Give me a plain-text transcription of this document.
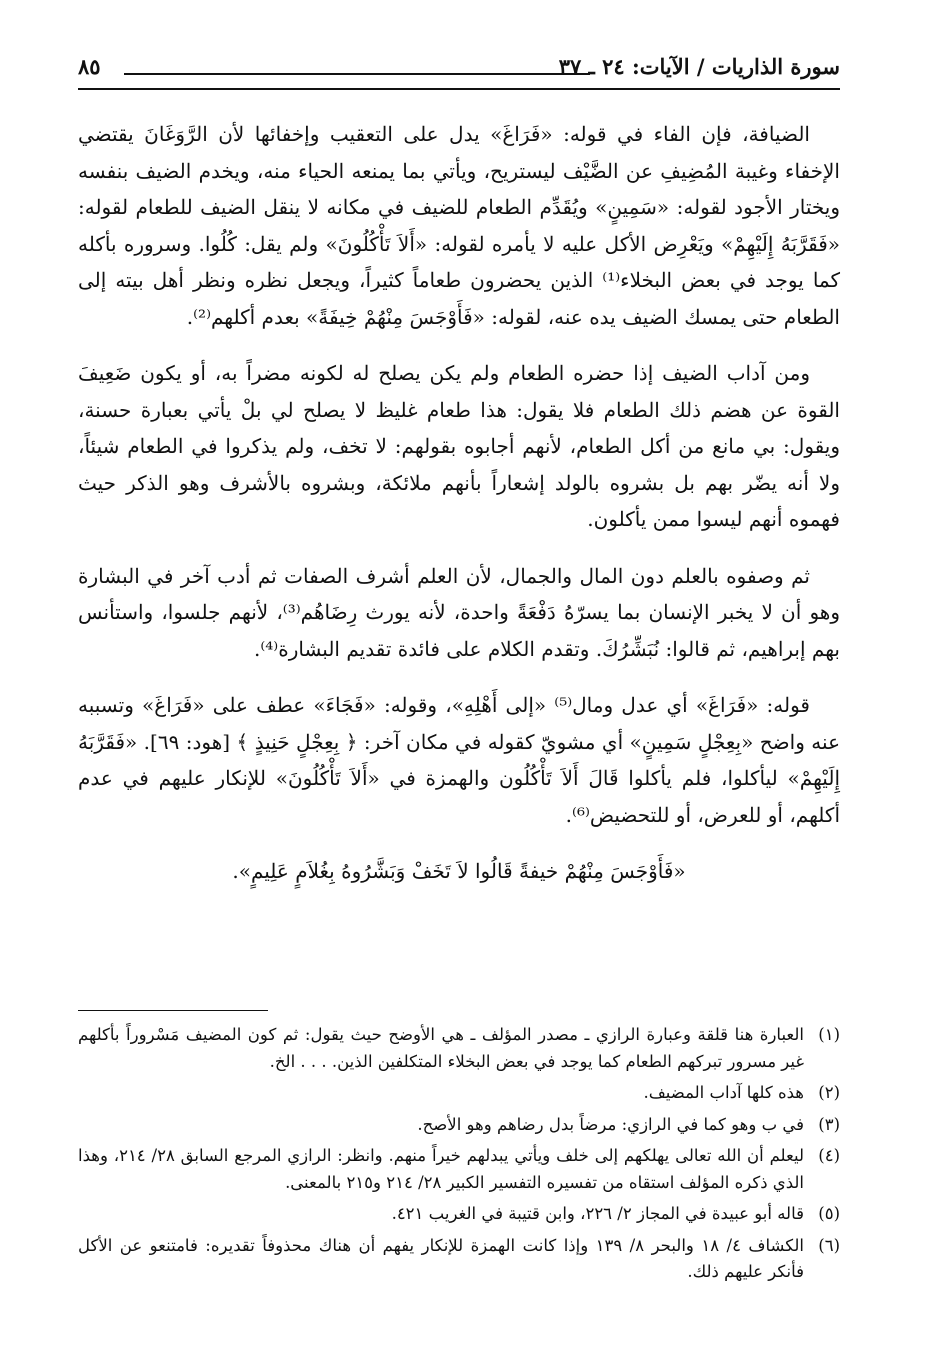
سورة الذاريات / الآيات: ٢٤ ـ ٣٧
٨٥

الضيافة، فإن الفاء في قوله: «فَرَاغَ» يدل على التعقيب وإخفائها لأن الرَّوَغَانَ يقتضي الإخفاء وغيبة المُضِيفِ عن الضَّيْف ليستريح، ويأتي بما يمنعه الحياء منه، ويخدم الضيف بنفسه ويختار الأجود لقوله: «سَمِينٍ» ويُقَدِّم الطعام للضيف في مكانه لا ينقل الضيف للطعام لقوله: «فَقَرَّبَهُ إِلَيْهِمْ» ويَعْرِض الأكل عليه لا يأمره لقوله: «أَلاَ تَأْكُلُونَ» ولم يقل: كُلُوا. وسروره بأكله كما يوجد في بعض البخلاء⁽¹⁾ الذين يحضرون طعاماً كثيراً، ويجعل نظره ونظر أهل بيته إلى الطعام حتى يمسك الضيف يده عنه، لقوله: «فَأَوْجَسَ مِنْهُمْ خِيفَةً» بعدم أكلهم⁽²⁾.

ومن آداب الضيف إذا حضره الطعام ولم يكن يصلح له لكونه مضراً به، أو يكون ضَعِيفَ القوة عن هضم ذلك الطعام فلا يقول: هذا طعام غليظ لا يصلح لي بلْ يأتي بعبارة حسنة، ويقول: بي مانع من أكل الطعام، لأنهم أجابوه بقولهم: لا تخف، ولم يذكروا في الطعام شيئاً، ولا أنه يضّر بهم بل بشروه بالولد إشعاراً بأنهم ملائكة، وبشروه بالأشرف وهو الذكر حيث فهموه أنهم ليسوا ممن يأكلون.

ثم وصفوه بالعلم دون المال والجمال، لأن العلم أشرف الصفات ثم أدب آخر في البشارة وهو أن لا يخبر الإنسان بما يسرّهُ دَفْعَةً واحدة، لأنه يورث رِضَاهُم⁽³⁾، لأنهم جلسوا، واستأنس بهم إبراهيم، ثم قالوا: نُبَشِّرُكَ. وتقدم الكلام على فائدة تقديم البشارة⁽⁴⁾.

قوله: «فَرَاغَ» أي عدل ومال⁽⁵⁾ «إلى أَهْلِهِ»، وقوله: «فَجَاءَ» عطف على «فَرَاغَ» وتسببه عنه واضح «بِعِجْلٍ سَمِينٍ» أي مشويّ كقوله في مكان آخر: ﴿ بِعِجْلٍ حَنِيذٍ ﴾ [هود: ٦٩]. «فَقَرَّبَهُ إِلَيْهِمْ» ليأكلوا، فلم يأكلوا قَالَ أَلاَ تَأْكُلُون والهمزة في «أَلاَ تَأْكُلُونَ» للإنكار عليهم في عدم أكلهم، أو للعرض، أو للتحضيض⁽⁶⁾.

«فَأَوْجَسَ مِنْهُمْ خيفةً قَالُوا لاَ تَخَفْ وَبَشَّرُوهُ بِغُلاَمٍ عَلِيمٍ».

(١)
العبارة هنا قلقة وعبارة الرازي ـ مصدر المؤلف ـ هي الأوضح حيث يقول: ثم كون المضيف مَسْروراً بأكلهم غير مسرور تبركهم الطعام كما يوجد في بعض البخلاء المتكلفين الذين. . . . الخ.
(٢)
هذه كلها آداب المضيف.
(٣)
في ب وهو كما في الرازي: مرضاً بدل رضاهم وهو الأصح.
(٤)
ليعلم أن الله تعالى يهلكهم إلى خلف ويأتي يبدلهم خيراً منهم. وانظر: الرازي المرجع السابق ٢٨/ ٢١٤، وهذا الذي ذكره المؤلف استقاه من تفسيره التفسير الكبير ٢٨/ ٢١٤ و٢١٥ بالمعنى.
(٥)
قاله أبو عبيدة في المجاز ٢/ ٢٢٦، وابن قتيبة في الغريب ٤٢١.
(٦)
الكشاف ٤/ ١٨ والبحر ٨/ ١٣٩ وإذا كانت الهمزة للإنكار يفهم أن هناك محذوفاً تقديره: فامتنعو عن الأكل فأنكر عليهم ذلك.
